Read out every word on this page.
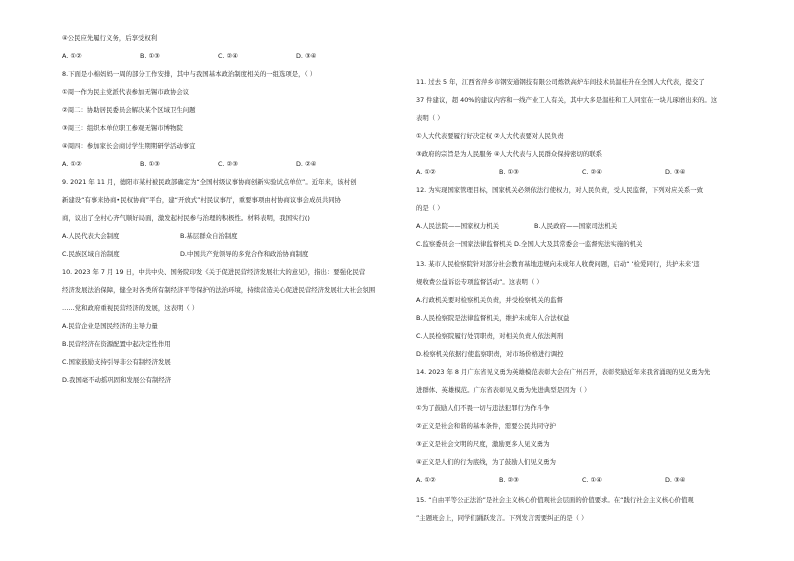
④公民应先履行义务，后享受权利
A. ①②	B. ①③	C. ②④	D. ③④
8.下面是小棉妈妈一周的部分工作安排，其中与我国基本政治制度相关的一组选项是，（ ）
①周一作为民主党派代表参加无锡市政协会议
②周二：协助居民委员会解决某个区域卫生问题
③周三：组织本单位职工参观无锡市博物院
④周四：参加家长会商讨学生期期研学活动事宜
A. ①②	B. ①③	C. ②③	D. ②④
9. 2021 年 11 月，德阳市某村被民政部确定为“全国村级议事协商创新实验试点单位”。近年来，该村创
新建设“有事来协商•民权协商”平台，建“开放式”村民议事厅，重要事项由村协商议事会成员共同协
商，议出了全村心齐气顺好局面，激发起村民参与治理的积极性。材料表明，我国实行()
A.人民代表大会制度	B.基层群众自治制度
C.民族区域自治制度	D.中国共产党领导的多党合作和政治协商制度
10. 2023 年 7 月 19 日，中共中央、国务院印发《关于促进民营经济发展壮大的意见》，指出：要强化民营
经济发展法治保障，健全对各类所有制经济平等保护的法治环境，持续营造关心促进民营经济发展壮大社会氛围
……党和政府重视民营经济的发展，这表明（ ）
A.民营企业是国民经济的主导力量
B.民营经济在资源配置中起决定性作用
C.国家鼓励支持引导非公有制经济发展
D.我国毫不动摇巩固和发展公有制经济
11. 过去 5 年，江西省萍乡市钢安通钢技有限公司炼铁高炉车间技术员温桂升在全国人大代表，提交了
37 件建议，超 40%的建议内容和一线产业工人有关，其中大多是温桂和工人同室在一块儿琢磨出来的。这
表明（ ）
①人大代表要履行好决定权 ②人大代表要对人民负责
③政府的宗旨是为人民服务 ④人大代表与人民群众保持密切的联系
A. ①②	B. ①③	C. ②④	D. ③④
12. 为实现国家管理目标，国家机关必须依法行使权力，对人民负责，受人民监督，下列对应关系一致
的是（ ）
A.人民法院——国家权力机关	B.人民政府——国家司法机关
C.监察委员会一国家法律监督机关 D.全国人大及其常委会一监督宪法实施的机关
13. 某市人民检察院针对部分社会教育基地违规向未成年人收费问题，启动“ ‘检爱同行，共护未来’违
规收费公益诉讼专项监督活动”。这表明（ ）
A.行政机关要对检察机关负责，并受检察机关的监督
B.人民检察院是法律监督机关，维护未成年人合法权益
C.人民检察院履行处罚职责，对相关负责人依法判刑
D.检察机关依据行使监察职责，对市场价格进行调控
14. 2023 年 8 月广东省见义勇为英雄模范表彰大会在广州召开，表彰奖励近年来我省涌现的见义勇为先
进群体、英雄模范。广东省表彰见义勇为先进典型是因为（ ）
①为了鼓励人们不畏一切与违法犯罪行为作斗争
②正义是社会和谐的基本条件，需要公民共同守护
③正义是社会文明的尺度，激励更多人见义勇为
④正义是人们的行为底线，为了鼓励人们见义勇为
A. ①②	B. ②③	C. ①④	D. ③④
15. “自由平等公正法治”是社会主义核心价值观社会层面的价值要求。在“践行社会主义核心价值观
”主题班会上，同学们踊跃发言。下列发言需要纠正的是（ ）
